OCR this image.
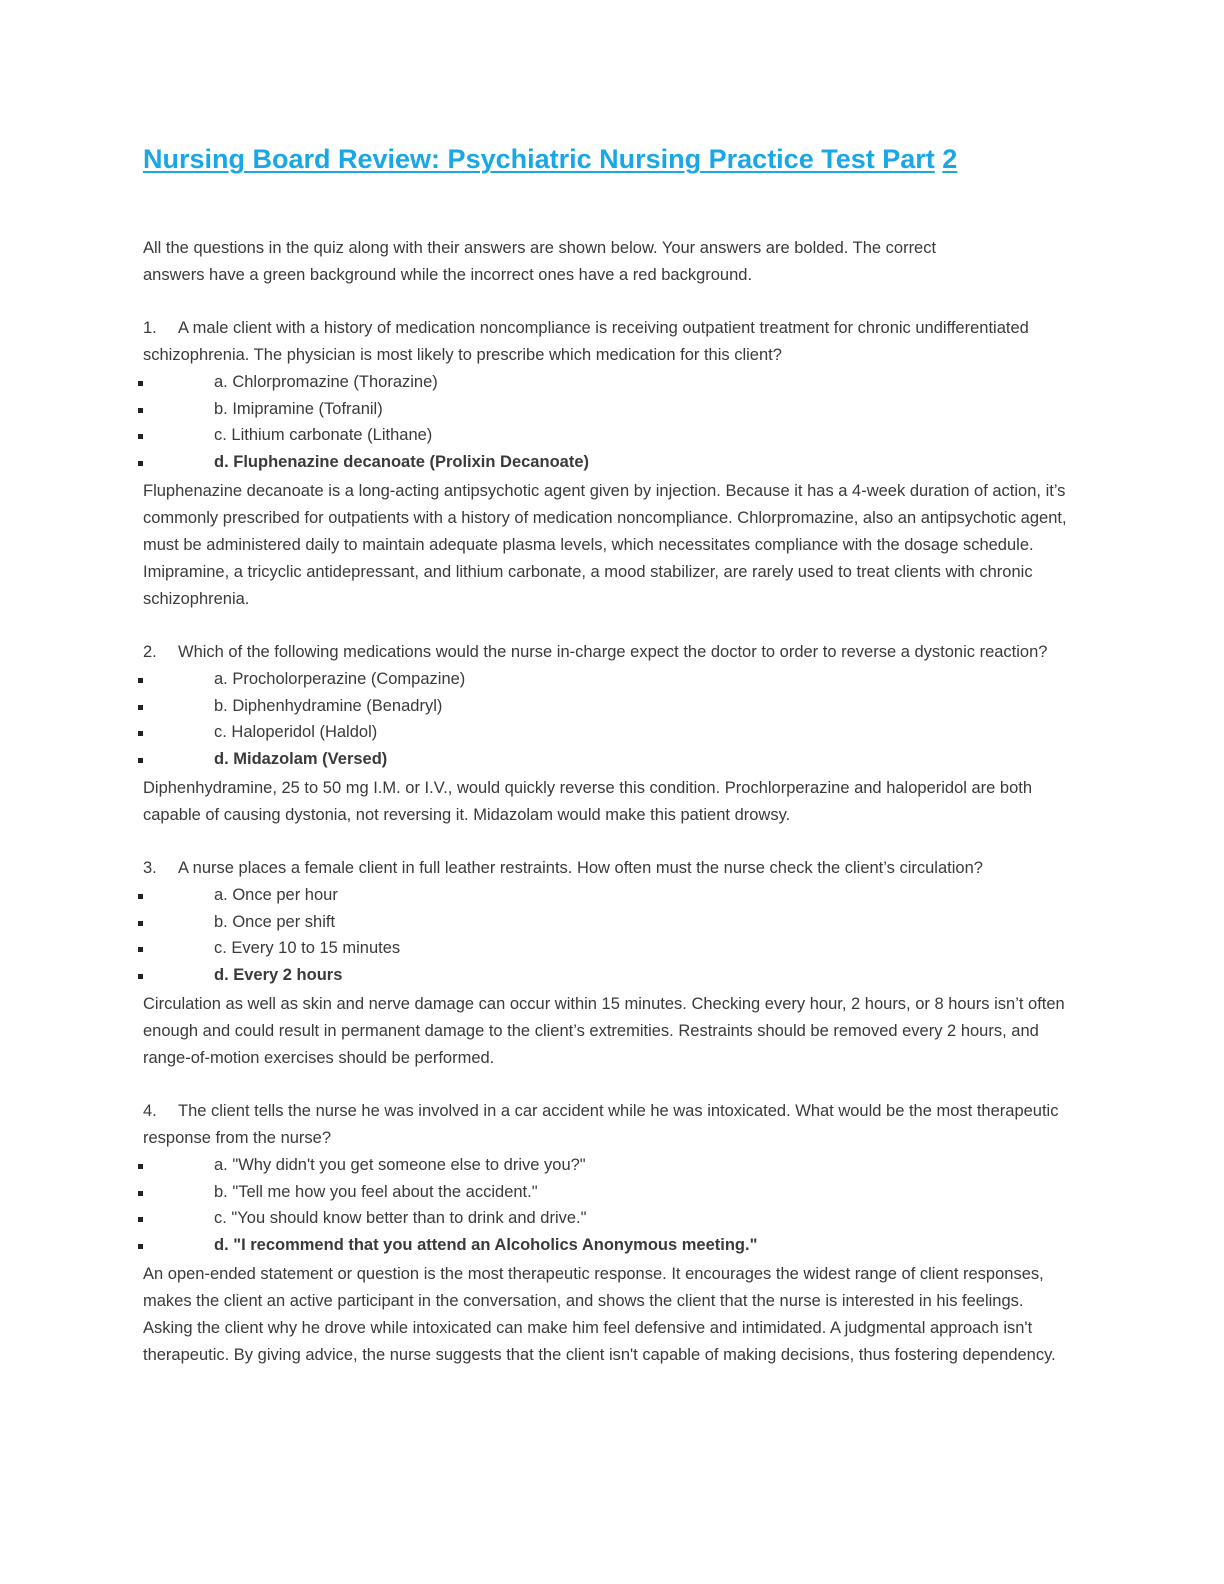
Nursing Board Review: Psychiatric Nursing Practice Test Part 2

All the questions in the quiz along with their answers are shown below. Your answers are bolded. The correct answers have a green background while the incorrect ones have a red background.

1. A male client with a history of medication noncompliance is receiving outpatient treatment for chronic undifferentiated schizophrenia. The physician is most likely to prescribe which medication for this client?

a. Chlorpromazine (Thorazine)
b. Imipramine (Tofranil)
c. Lithium carbonate (Lithane)
d. Fluphenazine decanoate (Prolixin Decanoate)

Fluphenazine decanoate is a long-acting antipsychotic agent given by injection. Because it has a 4-week duration of action, it’s commonly prescribed for outpatients with a history of medication noncompliance. Chlorpromazine, also an antipsychotic agent, must be administered daily to maintain adequate plasma levels, which necessitates compliance with the dosage schedule. Imipramine, a tricyclic antidepressant, and lithium carbonate, a mood stabilizer, are rarely used to treat clients with chronic schizophrenia.

2. Which of the following medications would the nurse in-charge expect the doctor to order to reverse a dystonic reaction?

a. Procholorperazine (Compazine)
b. Diphenhydramine (Benadryl)
c. Haloperidol (Haldol)
d. Midazolam (Versed)

Diphenhydramine, 25 to 50 mg I.M. or I.V., would quickly reverse this condition. Prochlorperazine and haloperidol are both capable of causing dystonia, not reversing it. Midazolam would make this patient drowsy.

3. A nurse places a female client in full leather restraints. How often must the nurse check the client’s circulation?

a. Once per hour
b. Once per shift
c. Every 10 to 15 minutes
d. Every 2 hours

Circulation as well as skin and nerve damage can occur within 15 minutes. Checking every hour, 2 hours, or 8 hours isn’t often enough and could result in permanent damage to the client’s extremities. Restraints should be removed every 2 hours, and range-of-motion exercises should be performed.

4. The client tells the nurse he was involved in a car accident while he was intoxicated. What would be the most therapeutic response from the nurse?

a. "Why didn't you get someone else to drive you?"
b. "Tell me how you feel about the accident."
c. "You should know better than to drink and drive."
d. "I recommend that you attend an Alcoholics Anonymous meeting."

An open-ended statement or question is the most therapeutic response. It encourages the widest range of client responses, makes the client an active participant in the conversation, and shows the client that the nurse is interested in his feelings. Asking the client why he drove while intoxicated can make him feel defensive and intimidated. A judgmental approach isn't therapeutic. By giving advice, the nurse suggests that the client isn't capable of making decisions, thus fostering dependency.
